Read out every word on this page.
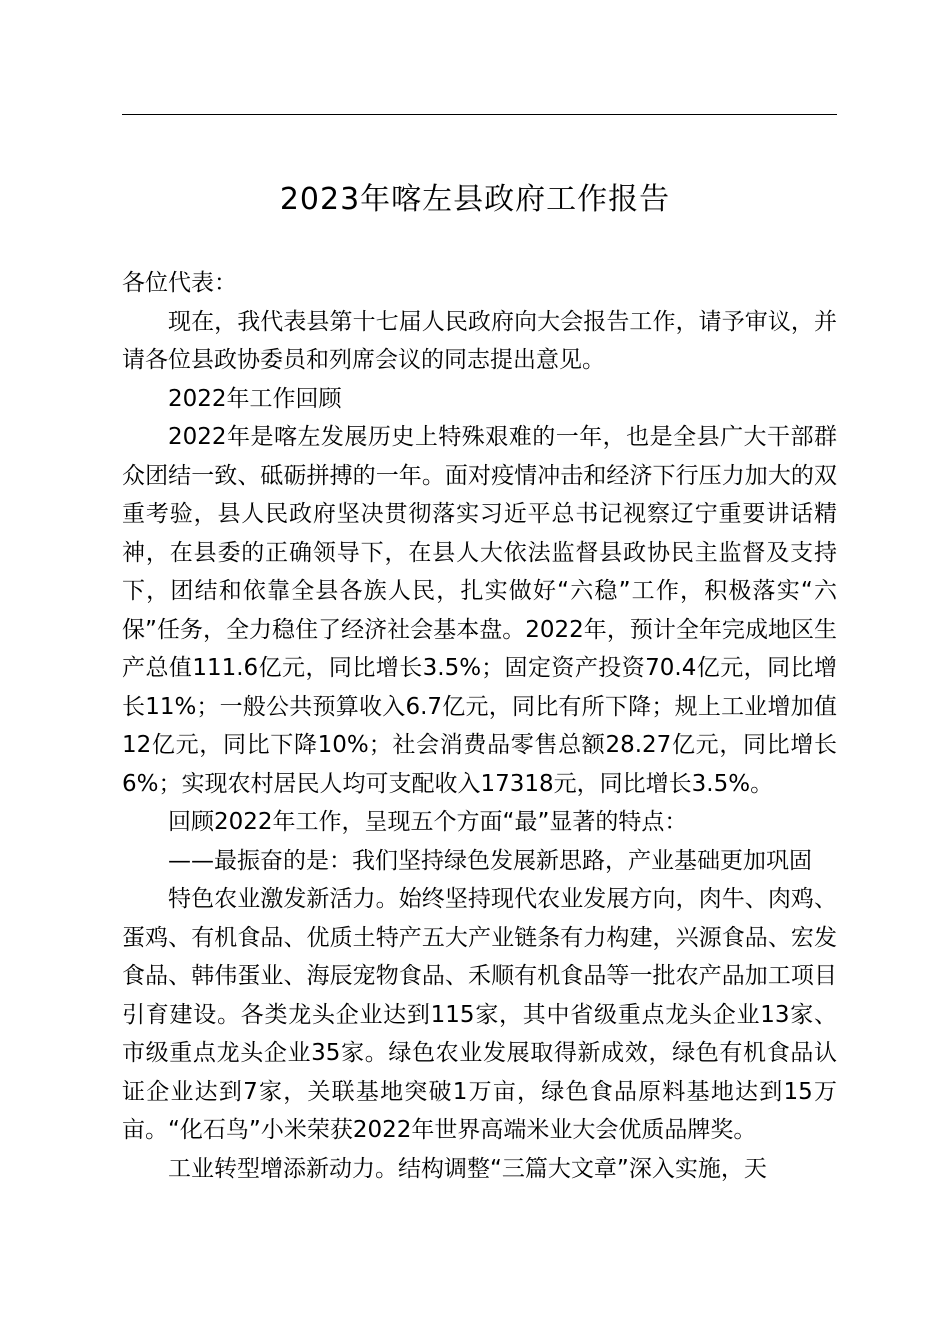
2023年喀左县政府工作报告

各位代表：

现在，我代表县第十七届人民政府向大会报告工作，请予审议，并请各位县政协委员和列席会议的同志提出意见。

2022年工作回顾

2022年是喀左发展历史上特殊艰难的一年，也是全县广大干部群众团结一致、砥砺拼搏的一年。面对疫情冲击和经济下行压力加大的双重考验，县人民政府坚决贯彻落实习近平总书记视察辽宁重要讲话精神，在县委的正确领导下，在县人大依法监督县政协民主监督及支持下，团结和依靠全县各族人民，扎实做好“六稳”工作，积极落实“六保”任务，全力稳住了经济社会基本盘。2022年，预计全年完成地区生产总值111.6亿元，同比增长3.5%；固定资产投资70.4亿元，同比增长11%；一般公共预算收入6.7亿元，同比有所下降；规上工业增加值12亿元，同比下降10%；社会消费品零售总额28.27亿元，同比增长6%；实现农村居民人均可支配收入17318元，同比增长3.5%。

回顾2022年工作，呈现五个方面“最”显著的特点：

——最振奋的是：我们坚持绿色发展新思路，产业基础更加巩固

特色农业激发新活力。始终坚持现代农业发展方向，肉牛、肉鸡、蛋鸡、有机食品、优质土特产五大产业链条有力构建，兴源食品、宏发食品、韩伟蛋业、海辰宠物食品、禾顺有机食品等一批农产品加工项目引育建设。各类龙头企业达到115家，其中省级重点龙头企业13家、市级重点龙头企业35家。绿色农业发展取得新成效，绿色有机食品认证企业达到7家，关联基地突破1万亩，绿色食品原料基地达到15万亩。“化石鸟”小米荣获2022年世界高端米业大会优质品牌奖。

工业转型增添新动力。结构调整“三篇大文章”深入实施，天
